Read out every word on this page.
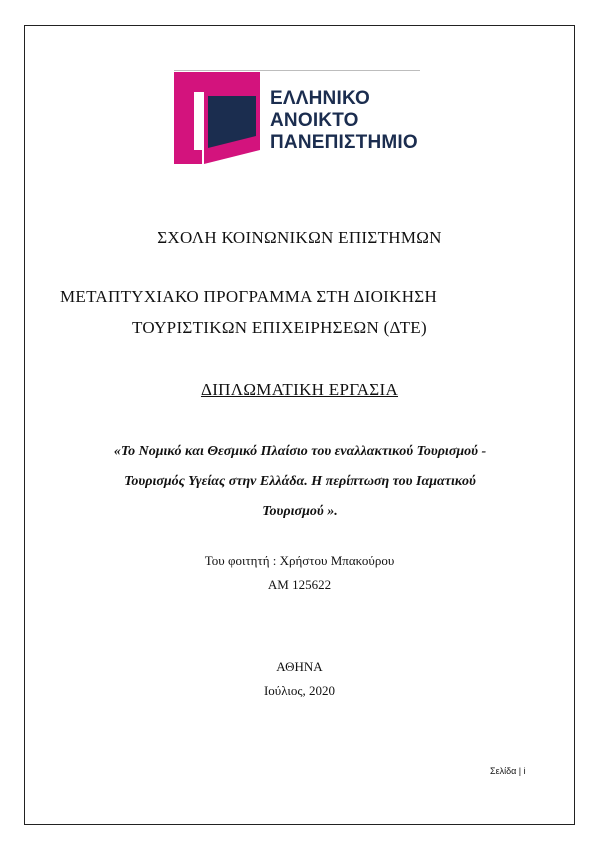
ΕΛΛΗΝΙΚΟ
ΑΝΟΙΚΤΟ
ΠΑΝΕΠΙΣΤΗΜΙΟ
ΣΧΟΛΗ ΚΟΙΝΩΝΙΚΩΝ ΕΠΙΣΤΗΜΩΝ
ΜΕΤΑΠΤΥΧΙΑΚΟ ΠΡΟΓΡΑΜΜΑ ΣΤΗ ΔΙΟΙΚΗΣΗ
ΤΟΥΡΙΣΤΙΚΩΝ ΕΠΙΧΕΙΡΗΣΕΩΝ (ΔΤΕ)
ΔΙΠΛΩΜΑΤΙΚΗ ΕΡΓΑΣΙΑ
«Το Νομικό και Θεσμικό Πλαίσιο του εναλλακτικού Τουρισμού -
Τουρισμός Υγείας στην Ελλάδα. Η περίπτωση του Ιαματικού
Τουρισμού ».
Του φοιτητή : Χρήστου Μπακούρου
ΑΜ 125622
ΑΘΗΝΑ
Ιούλιος, 2020
Σελίδα | i
